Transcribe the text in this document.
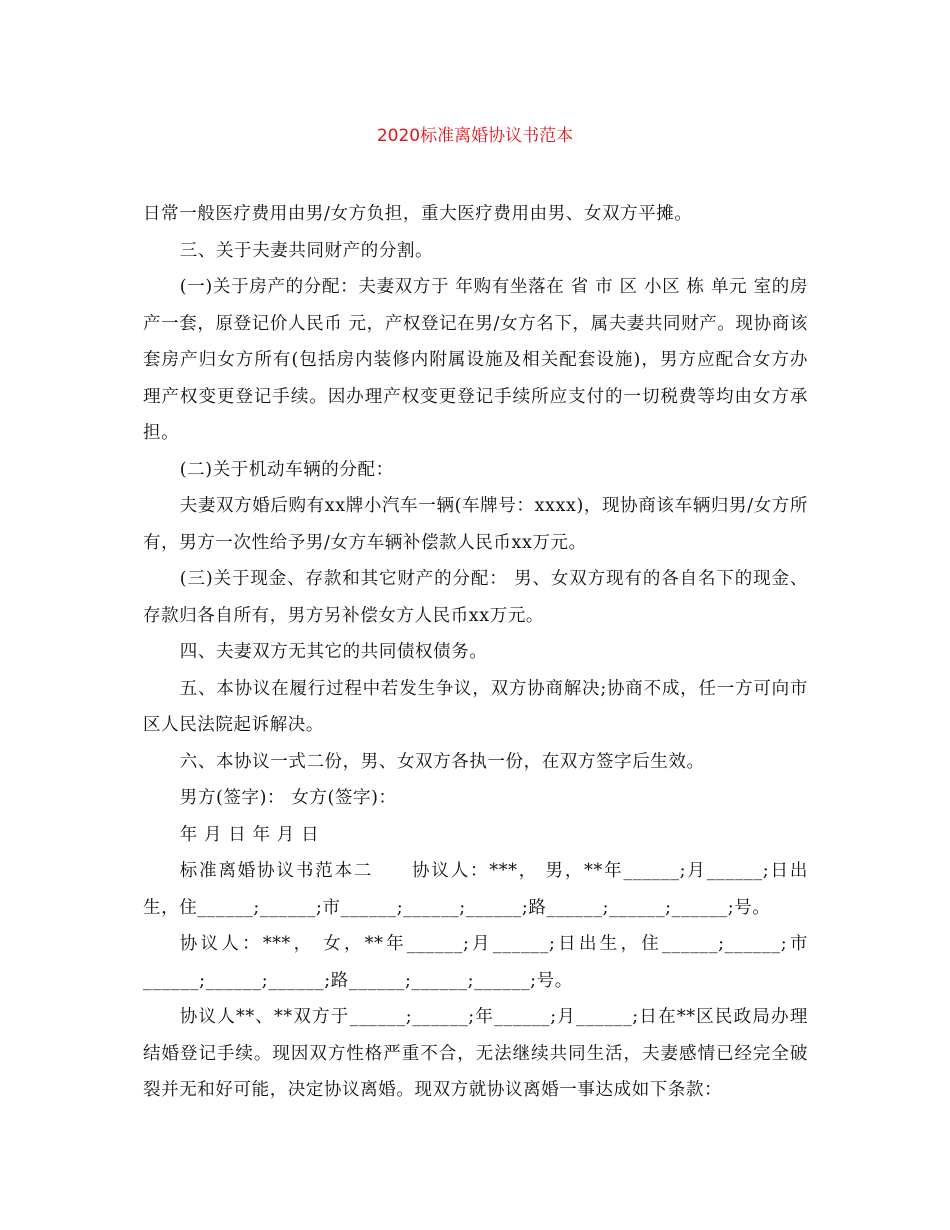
2020标准离婚协议书范本

日常一般医疗费用由男/女方负担，重大医疗费用由男、女双方平摊。

三、关于夫妻共同财产的分割。

(一)关于房产的分配：夫妻双方于 年购有坐落在 省 市 区 小区 栋 单元 室的房产一套，原登记价人民币 元，产权登记在男/女方名下，属夫妻共同财产。现协商该套房产归女方所有(包括房内装修内附属设施及相关配套设施)，男方应配合女方办理产权变更登记手续。因办理产权变更登记手续所应支付的一切税费等均由女方承担。

(二)关于机动车辆的分配：

夫妻双方婚后购有xx牌小汽车一辆(车牌号：xxxx)，现协商该车辆归男/女方所有，男方一次性给予男/女方车辆补偿款人民币xx万元。

(三)关于现金、存款和其它财产的分配： 男、女双方现有的各自名下的现金、存款归各自所有，男方另补偿女方人民币xx万元。

四、夫妻双方无其它的共同债权债务。

五、本协议在履行过程中若发生争议，双方协商解决;协商不成，任一方可向市 区人民法院起诉解决。

六、本协议一式二份，男、女双方各执一份，在双方签字后生效。

男方(签字)： 女方(签字)：

年 月 日 年 月 日

标准离婚协议书范本二　　协议人：***， 男，**年______;月______;日出生，住______;______;市______;______;______;路______;______;______;号。

协议人：***， 女，**年______;月______;日出生，住______;______;市______;______;______;路______;______;______;号。

协议人**、**双方于______;______;年______;月______;日在**区民政局办理结婚登记手续。现因双方性格严重不合，无法继续共同生活，夫妻感情已经完全破裂并无和好可能，决定协议离婚。现双方就协议离婚一事达成如下条款：
